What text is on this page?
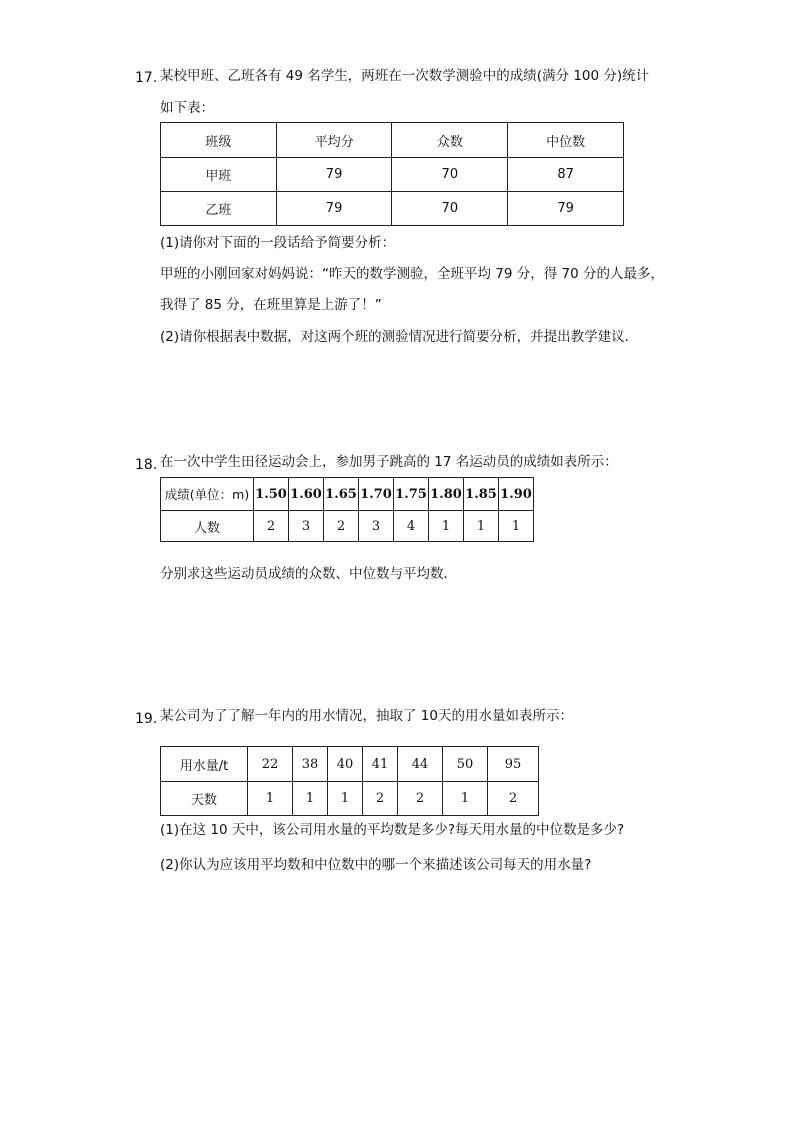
17. 某校甲班、乙班各有 49 名学生，两班在一次数学测验中的成绩(满分 100 分)统计
如下表：
班级	平均分	众数	中位数
甲班	79	70	87
乙班	79	70	79
(1)请你对下面的一段话给予简要分析：
甲班的小刚回家对妈妈说：“昨天的数学测验，全班平均 79 分，得 70 分的人最多，
我得了 85 分，在班里算是上游了！”
(2)请你根据表中数据，对这两个班的测验情况进行简要分析，并提出教学建议．
18. 在一次中学生田径运动会上，参加男子跳高的 17 名运动员的成绩如表所示：
成绩(单位：m)	1.50	1.60	1.65	1.70	1.75	1.80	1.85	1.90
人数	2	3	2	3	4	1	1	1
分别求这些运动员成绩的众数、中位数与平均数．
19. 某公司为了了解一年内的用水情况，抽取了 10天的用水量如表所示：
用水量/t	22	38	40	41	44	50	95
天数	1	1	1	2	2	1	2
(1)在这 10 天中，该公司用水量的平均数是多少?每天用水量的中位数是多少?
(2)你认为应该用平均数和中位数中的哪一个来描述该公司每天的用水量?
